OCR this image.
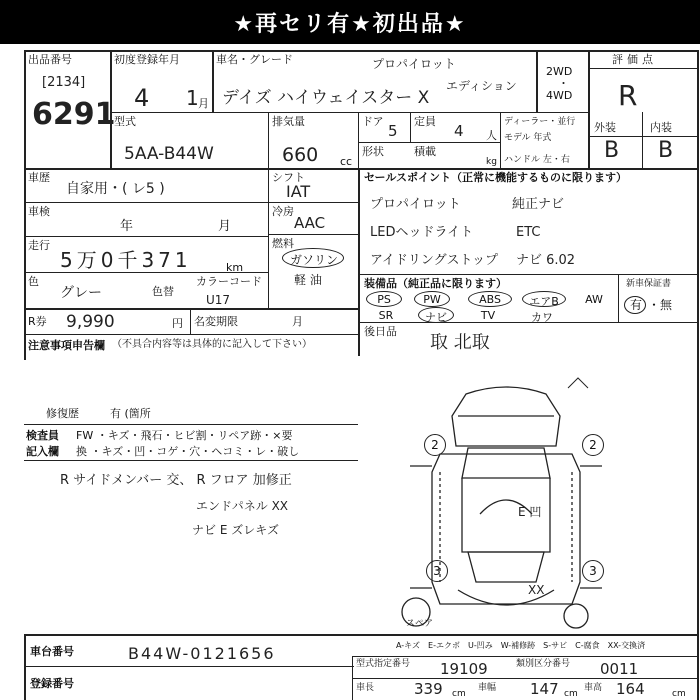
★再セリ有★初出品★
出品番号
[2134]
6291
初度登録年月
4 1 月
車名・グレード	プロパイロット
エディション
デイズ ハイウェイスター X
2WD
・
4WD
評価点
R
型式
5AA-B44W
排気量
660 cc
ドア
5
定員
4 人
形状	積載
kg
ディーラー・並行
モデル 年式
ハンドル 左・右
外装	内装
B B
車歴
自家用・( レ5 )
シフト
IAT
車検
年	月
冷房
AAC
走行
5万0千371	km
燃料
ガソリン
軽 油
色
グレー	色替
カラーコード
U17
R券 9,990	円 名変期限	月
注意事項申告欄 （不具合内容等は具体的に記入して下さい）
修復歴	有 (箇所
セールスポイント（正常に機能するものに限ります）
プロパイロット	純正ナビ
LEDヘッドライト	ETC
アイドリングストップ ナビ 6.02
装備品（純正品に限ります）	新車保証書
PS	PW	ABS	エアB	AW
SR	ナビ	TV	カワ
有 ・無
後日品
取 北取
検査員
記入欄
FW ・キズ・飛石・ヒビ割・リペア跡・×要
換 ・キズ・凹・コゲ・穴・ヘコミ・レ・破し
R サイドメンバー 交、 R フロア 加修正
エンドパネル XX
ナビ E ズレキズ
2	2
3	3
E 凹
XX
スペア
A-キズ　E-エクボ　U-凹み　W-補修跡　S-サビ　C-腐食　XX-交換済
車台番号	B44W-0121656
登録番号
型式指定番号 19109	類別区分番号 0011
車長	339 cm
車幅 147 cm
車高 164	cm
